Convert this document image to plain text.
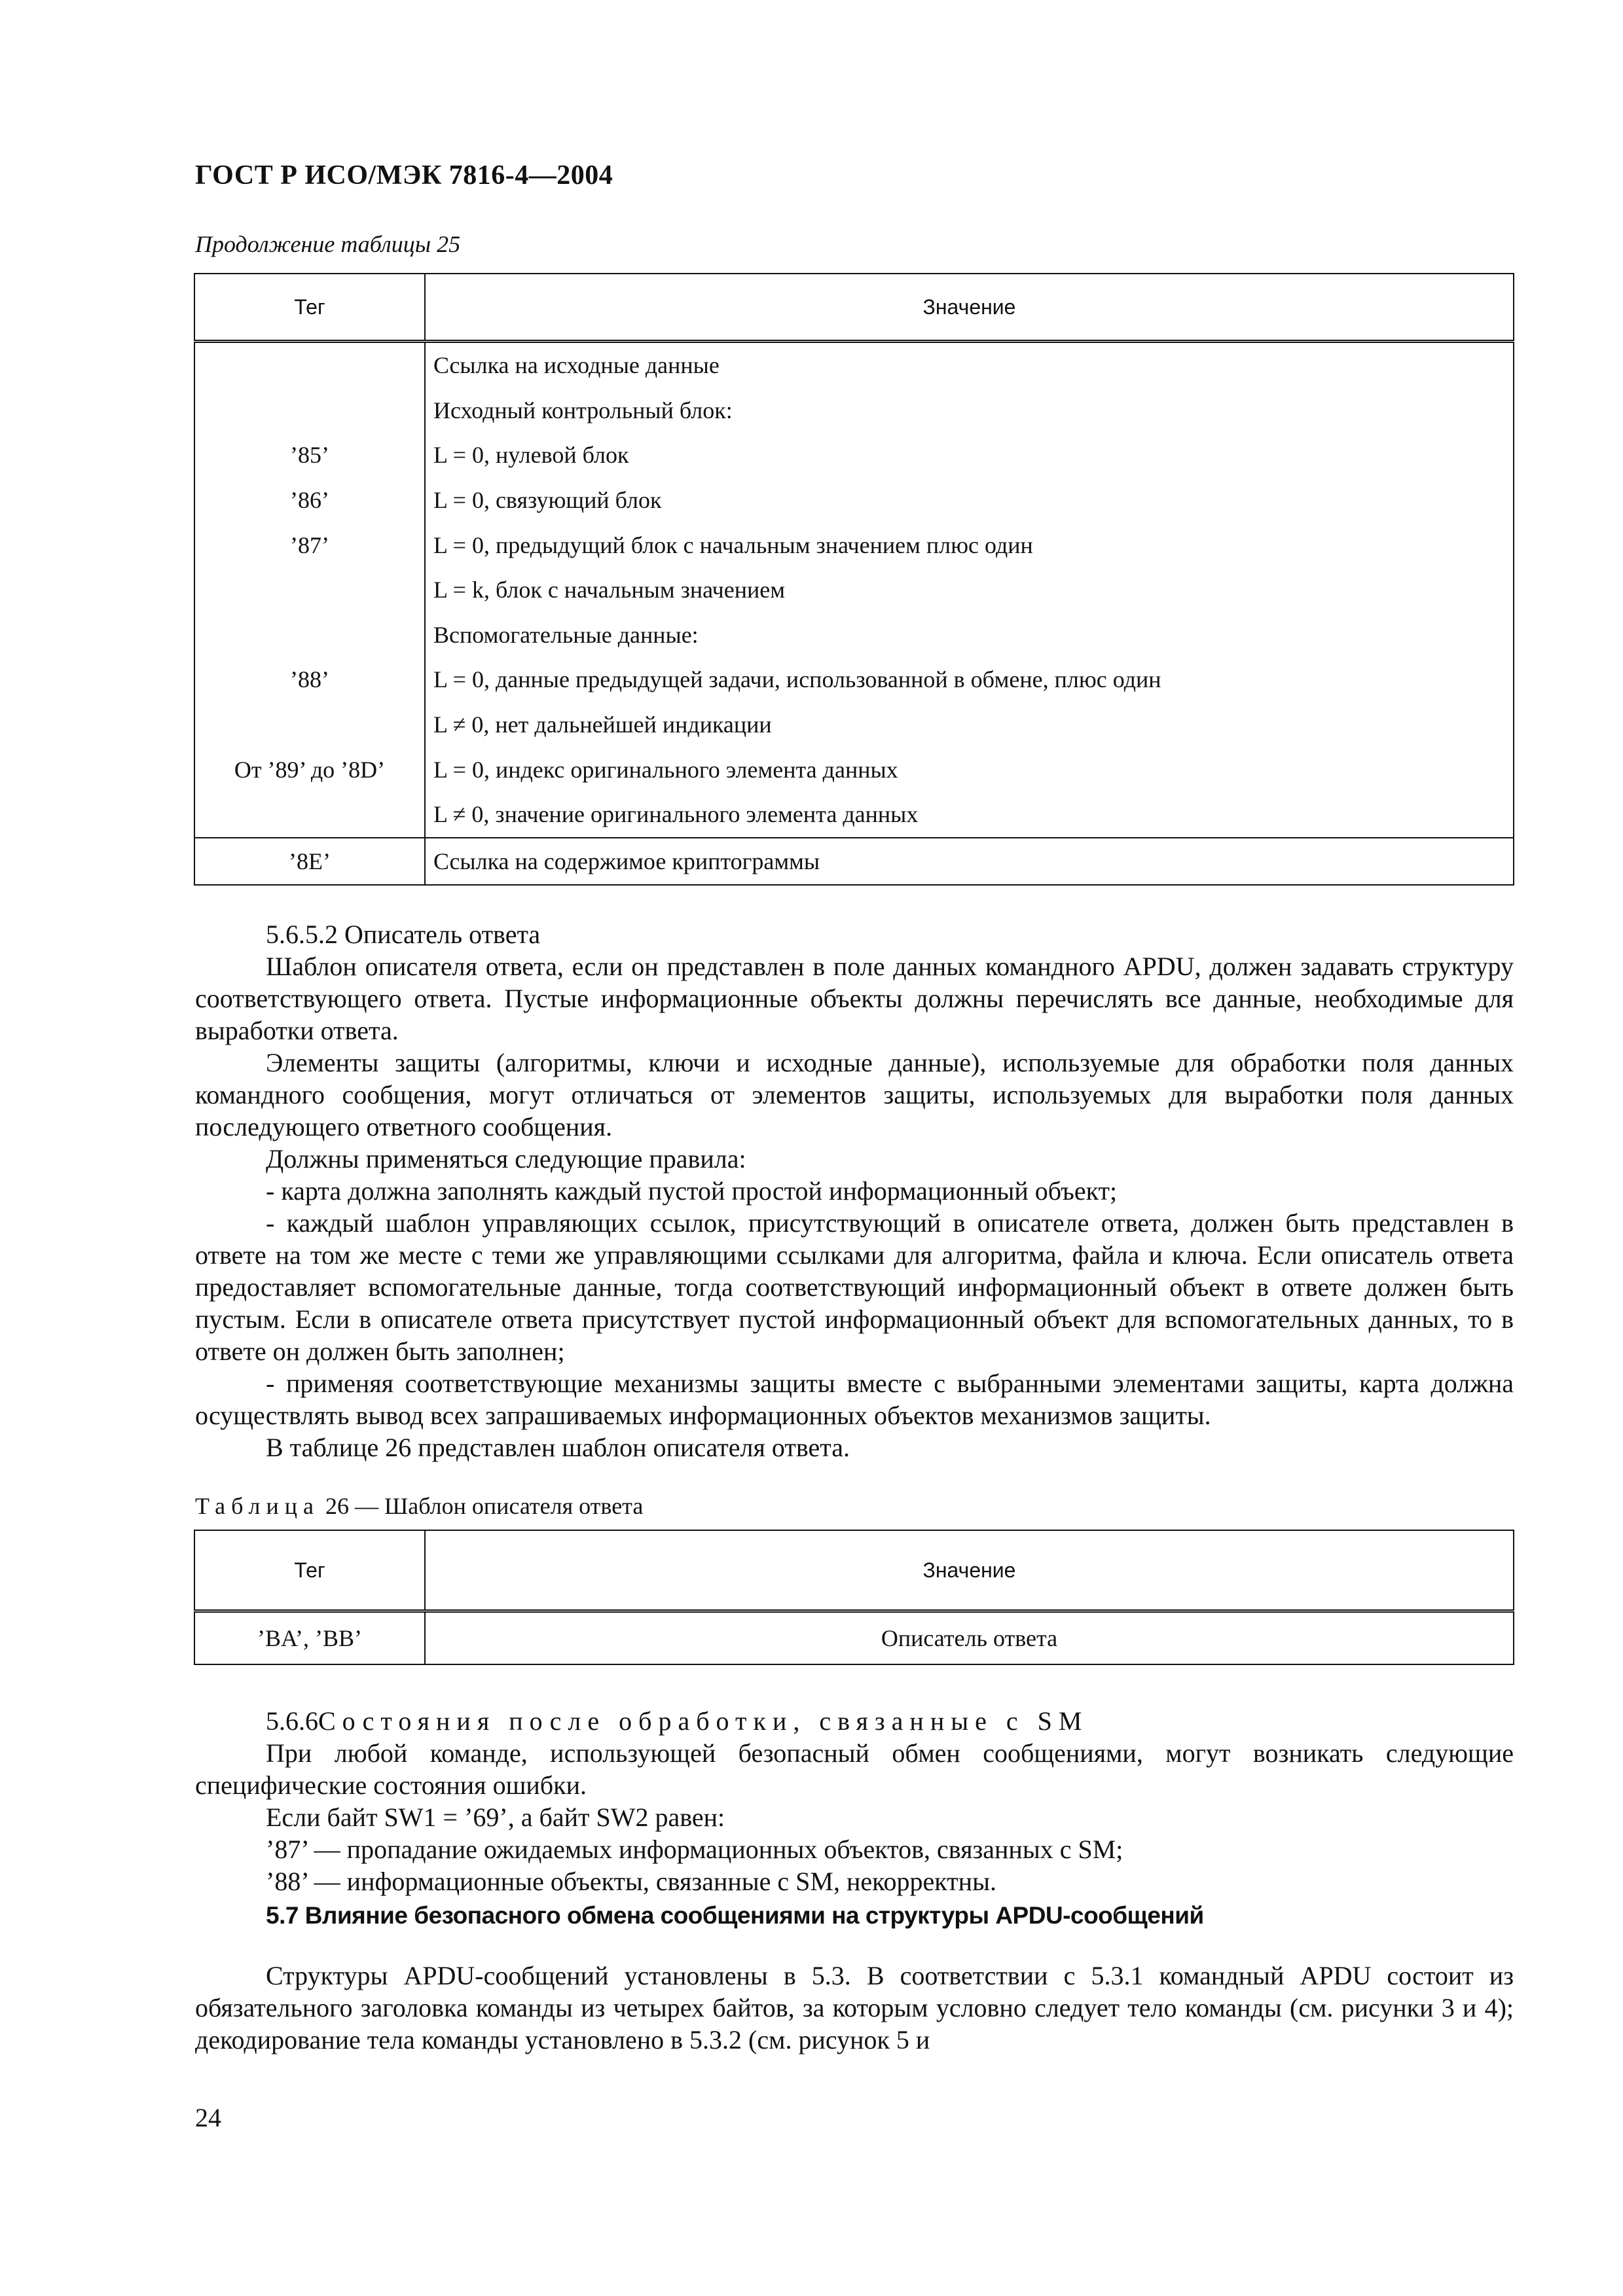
ГОСТ Р ИСО/МЭК 7816-4—2004
Продолжение таблицы 25
Тег	Значение
	Ссылка на исходные данные
	Исходный контрольный блок:
’85’	L = 0, нулевой блок
’86’	L = 0, связующий блок
’87’	L = 0, предыдущий блок с начальным значением плюс один
	L = k, блок с начальным значением
	Вспомогательные данные:
’88’	L = 0, данные предыдущей задачи, использованной в обмене, плюс один
	L ≠ 0, нет дальнейшей индикации
От ’89’ до ’8D’	L = 0, индекс оригинального элемента данных
	L ≠ 0, значение оригинального элемента данных
’8E’	Ссылка на содержимое криптограммы

5.6.5.2 Описатель ответа

Шаблон описателя ответа, если он представлен в поле данных командного APDU, должен задавать структуру соответствующего ответа. Пустые информационные объекты должны перечислять все данные, необходимые для выработки ответа.

Элементы защиты (алгоритмы, ключи и исходные данные), используемые для обработки поля данных командного сообщения, могут отличаться от элементов защиты, используемых для выработки поля данных последующего ответного сообщения.

Должны применяться следующие правила:

- карта должна заполнять каждый пустой простой информационный объект;

- каждый шаблон управляющих ссылок, присутствующий в описателе ответа, должен быть представлен в ответе на том же месте с теми же управляющими ссылками для алгоритма, файла и ключа. Если описатель ответа предоставляет вспомогательные данные, тогда соответствующий информационный объект в ответе должен быть пустым. Если в описателе ответа присутствует пустой информационный объект для вспомогательных данных, то в ответе он должен быть заполнен;

- применяя соответствующие механизмы защиты вместе с выбранными элементами защиты, карта должна осуществлять вывод всех запрашиваемых информационных объектов механизмов защиты.

В таблице 26 представлен шаблон описателя ответа.

Таблица 26 — Шаблон описателя ответа
Тег	Значение
’BA’, ’BB’	Описатель ответа

5.6.6Состояния после обработки, связанные с SM

При любой команде, использующей безопасный обмен сообщениями, могут возникать следующие специфические состояния ошибки.

Если байт SW1 = ’69’, а байт SW2 равен:

’87’ — пропадание ожидаемых информационных объектов, связанных с SM;

’88’ — информационные объекты, связанные с SM, некорректны.

5.7 Влияние безопасного обмена сообщениями на структуры APDU-сообщений

Структуры APDU-сообщений установлены в 5.3. В соответствии с 5.3.1 командный APDU состоит из обязательного заголовка команды из четырех байтов, за которым условно следует тело команды (см. рисунки 3 и 4); декодирование тела команды установлено в 5.3.2 (см. рисунок 5 и

24
